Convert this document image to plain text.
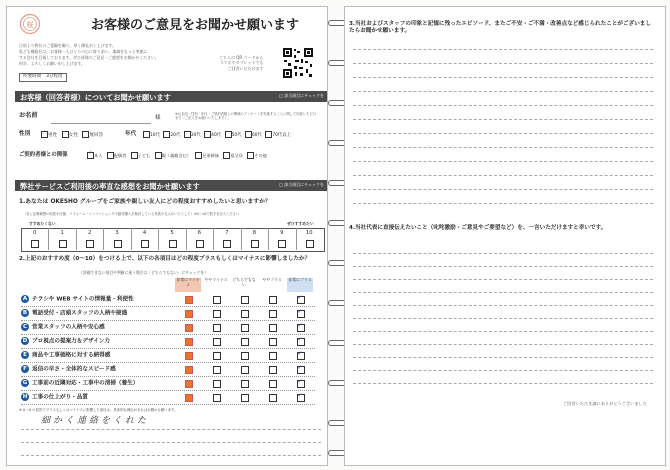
桜	お客様のご意見をお聞かせ願います
日頃より弊社のご愛顧を賜り、厚く御礼申し上げます。
私ども横総社は、お客様一人ひとりの心に寄り添い、地域をもっと笑顔に
する会社を目指しております。ぜひ皆様のご意見・ご感想をお聞かせください。
何卒、よろしくお願い申し上げます。
所要時間　3分程度
こちらの QR コードから
スマホやタブレットでも
ご回答いただけます
お客様（回答者様）についてお聞かせ願います	□ 該当項目にチェックを
お名前	様
※お名前・性別・年代・ご契約者様との関係のアンケートを実施することに関して同意いただけます（ご記入をお願いいたします）。
性別 ✓
男性 女性 無回答	年代	10代 20代 30代 40代 50代 60代 70代以上
ご契約者様との関係	✓ 本人	配偶者	子ども	親（義親含む）	兄弟姉妹	祖父母	その他
弊社サービスご利用後の率直な感想をお聞かせ願います	□ 該当項目にチェックを
1.あなたは OKESHO グループをご家族や親しい友人にどの程度おすすめしたいと思いますか？
（窓に記載範囲の取扱や仕様、リフォーム・リノベーションや不動産購入を検討している家族や友人がいたとして）※0〜10で数字を記入ください
すすめたくない	ぜひすすめたい
0	1	2	3	4	5	6	7	8	9	10
2.上記のおすすめ度（0〜10）をつける上で、以下の各項目はどの程度プラスもしくはマイナスに影響しましたか？
（評価できない項目や判断に迷う場合は「どちらでもない」にチェックを）
非常にマイナス
ややマイナス	どちらでもない
ややプラス	非常にプラス
A チラシや WEB サイトの情報量・利便性	✓
B 電話受付・店頭スタッフの人柄や接遇	✓
C 営業スタッフの人柄や安心感	✓
D プロ視点の提案力＆デザイン力	✓
E 商品や工事価格に対する納得感	✓
F 返信の早さ・全体的なスピード感	✓
G 工事前の近隣対応・工事中の清掃（養生）	✓
H 工事の仕上がり・品質	✓
※ A〜H の回答でプラスもしくはマイナスに影響した項目は、具体的な理由があればお聞かせ願います。
細かく連絡をくれた
3.当社およびスタッフの印象と記憶に残ったエピソード、またご不安・ご不満・改善点など感じられたことがございましたらお聞かせ願います。
4.当社代表に直接伝えたいこと（叱咤激励・ご意見やご要望など）を、一言いただけますと幸いです。
ご回答いただき誠にありがとうございました
